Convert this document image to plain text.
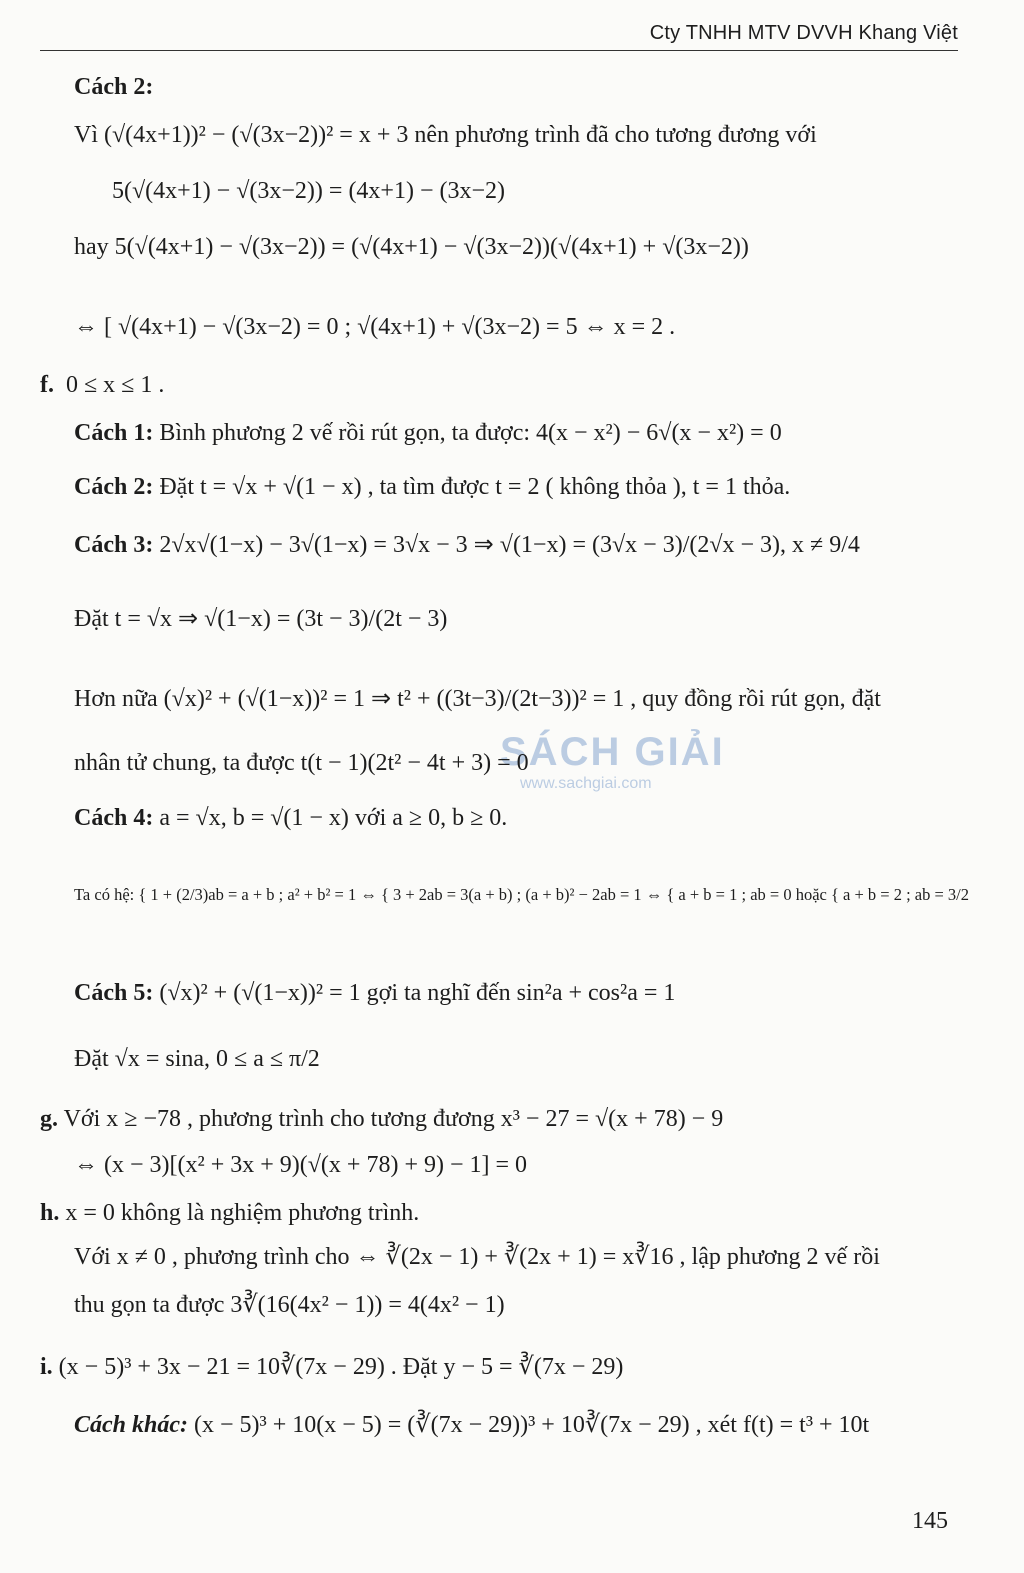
Cty TNHH MTV DVVH Khang Việt
SÁCH GIẢI
www.sachgiai.com
Cách 2:
Vì (√(4x+1))² − (√(3x−2))² = x + 3 nên phương trình đã cho tương đương với
5(√(4x+1) − √(3x−2)) = (4x+1) − (3x−2)
hay 5(√(4x+1) − √(3x−2)) = (√(4x+1) − √(3x−2))(√(4x+1) + √(3x−2))
⇔ [ √(4x+1) − √(3x−2) = 0 ; √(4x+1) + √(3x−2) = 5 ⇔ x = 2 .
f. 0 ≤ x ≤ 1 .
Cách 1: Bình phương 2 vế rồi rút gọn, ta được: 4(x − x²) − 6√(x − x²) = 0
Cách 2: Đặt t = √x + √(1 − x) , ta tìm được t = 2 ( không thỏa ), t = 1 thỏa.
Cách 3: 2√x√(1−x) − 3√(1−x) = 3√x − 3 ⇒ √(1−x) = (3√x − 3)/(2√x − 3), x ≠ 9/4
Đặt t = √x ⇒ √(1−x) = (3t − 3)/(2t − 3)
Hơn nữa (√x)² + (√(1−x))² = 1 ⇒ t² + ((3t−3)/(2t−3))² = 1 , quy đồng rồi rút gọn, đặt
nhân tử chung, ta được t(t − 1)(2t² − 4t + 3) = 0
Cách 4: a = √x, b = √(1 − x) với a ≥ 0, b ≥ 0.
Ta có hệ: { 1 + (2/3)ab = a + b ; a² + b² = 1 ⇔ { 3 + 2ab = 3(a + b) ; (a + b)² − 2ab = 1 ⇔ { a + b = 1 ; ab = 0 hoặc { a + b = 2 ; ab = 3/2
Cách 5: (√x)² + (√(1−x))² = 1 gợi ta nghĩ đến sin²a + cos²a = 1
Đặt √x = sina, 0 ≤ a ≤ π/2
g. Với x ≥ −78 , phương trình cho tương đương x³ − 27 = √(x + 78) − 9
⇔ (x − 3)[(x² + 3x + 9)(√(x + 78) + 9) − 1] = 0
h. x = 0 không là nghiệm phương trình.
Với x ≠ 0 , phương trình cho ⇔ ∛(2x − 1) + ∛(2x + 1) = x∛16 , lập phương 2 vế rồi
thu gọn ta được 3∛(16(4x² − 1)) = 4(4x² − 1)
i. (x − 5)³ + 3x − 21 = 10∛(7x − 29) . Đặt y − 5 = ∛(7x − 29)
Cách khác: (x − 5)³ + 10(x − 5) = (∛(7x − 29))³ + 10∛(7x − 29) , xét f(t) = t³ + 10t
145
